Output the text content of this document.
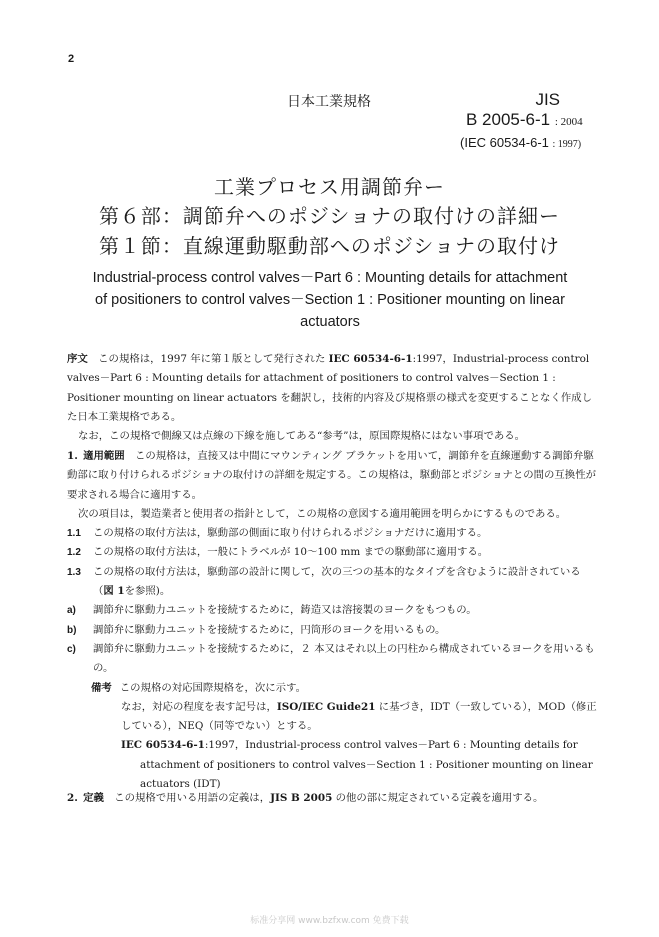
2
日本工業規格	JIS
B 2005-6-1 : 2004
(IEC 60534-6-1 : 1997)
工業プロセス用調節弁ー
第６部：調節弁へのポジショナの取付けの詳細ー
第１節：直線運動駆動部へのポジショナの取付け
Industrial-process control valves－Part 6 : Mounting details for attachment of positioners to control valves－Section 1 : Positioner mounting on linear actuators

序文  この規格は，1997 年に第１版として発行された IEC 60534-6-1:1997，Industrial-process control valves－Part 6 : Mounting details for attachment of positioners to control valves－Section 1 : Positioner mounting on linear actuators を翻訳し，技術的内容及び規格票の様式を変更することなく作成した日本工業規格である。

なお，この規格で側線又は点線の下線を施してある“参考”は，原国際規格にはない事項である。

1.  適用範囲  この規格は，直接又は中間にマウンティング ブラケットを用いて，調節弁を直線運動する調節弁駆動部に取り付けられるポジショナの取付けの詳細を規定する。この規格は，駆動部とポジショナとの間の互換性が要求される場合に適用する。

次の項目は，製造業者と使用者の指針として，この規格の意図する適用範囲を明らかにするものである。

1.1	この規格の取付方法は，駆動部の側面に取り付けられるポジショナだけに適用する。
1.2	この規格の取付方法は，一般にトラベルが 10～100 mm までの駆動部に適用する。
1.3	この規格の取付方法は，駆動部の設計に関して，次の三つの基本的なタイプを含むように設計されている（図 1を参照)。
a)	調節弁に駆動力ユニットを接続するために，鋳造又は溶接製のヨークをもつもの。
b)	調節弁に駆動力ユニットを接続するために，円筒形のヨークを用いるもの。
c)	調節弁に駆動力ユニットを接続するために，２ 本又はそれ以上の円柱から構成されているヨークを用いるもの。

備考 この規格の対応国際規格を，次に示す。

なお，対応の程度を表す記号は，ISO/IEC Guide21 に基づき，IDT（一致している），MOD（修正している），NEQ（同等でない）とする。

IEC 60534-6-1:1997，Industrial-process control valves－Part 6 : Mounting details for attachment of positioners to control valves－Section 1 : Positioner mounting on linear actuators (IDT)

2.  定義  この規格で用いる用語の定義は，JIS B 2005 の他の部に規定されている定義を適用する。

标准分享网 www.bzfxw.com 免费下载
